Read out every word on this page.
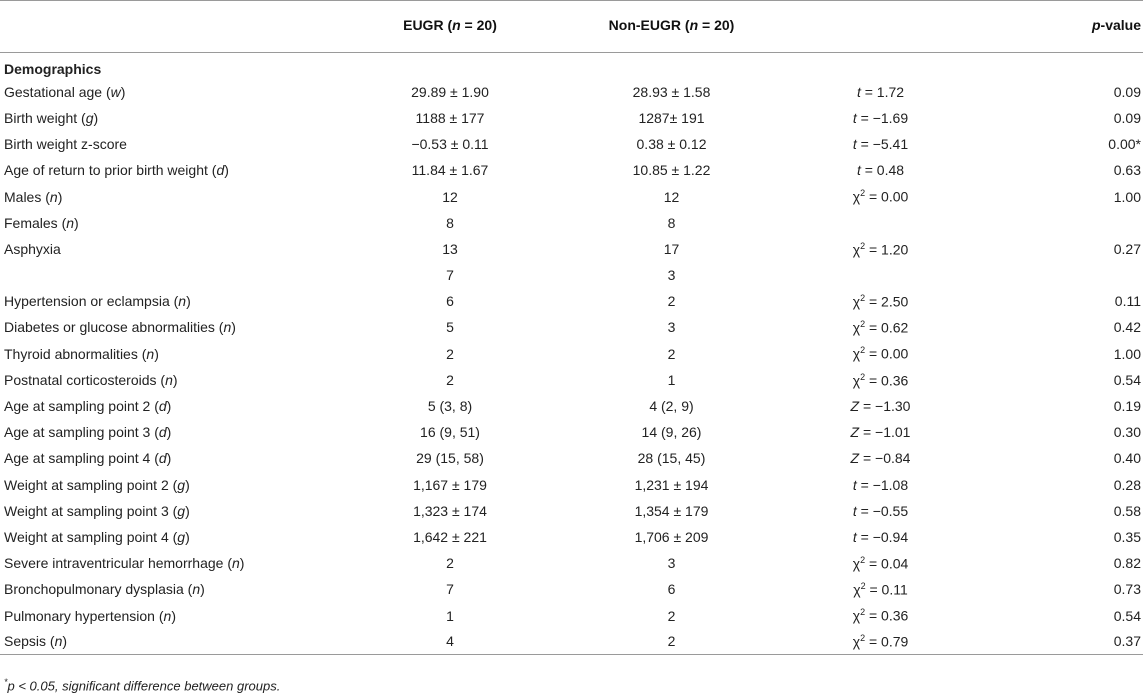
	EUGR (n = 20)	Non-EUGR (n = 20)		p-value
Demographics				
Gestational age (w)	29.89 ± 1.90	28.93 ± 1.58	t = 1.72	0.09
Birth weight (g)	1188 ± 177	1287± 191	t = −1.69	0.09
Birth weight z-score	−0.53 ± 0.11	0.38 ± 0.12	t = −5.41	0.00*
Age of return to prior birth weight (d)	11.84 ± 1.67	10.85 ± 1.22	t = 0.48	0.63
Males (n)	12	12	$\chi^2 = 0.00$	1.00
Females (n)	8	8		
Asphyxia	13	17	$\chi^2 = 1.20$	0.27
	7	3		
Hypertension or eclampsia (n)	6	2	$\chi^2 = 2.50$	0.11
Diabetes or glucose abnormalities (n)	5	3	$\chi^2 = 0.62$	0.42
Thyroid abnormalities (n)	2	2	$\chi^2 = 0.00$	1.00
Postnatal corticosteroids (n)	2	1	$\chi^2 = 0.36$	0.54
Age at sampling point 2 (d)	5 (3, 8)	4 (2, 9)	Z = −1.30	0.19
Age at sampling point 3 (d)	16 (9, 51)	14 (9, 26)	Z = −1.01	0.30
Age at sampling point 4 (d)	29 (15, 58)	28 (15, 45)	Z = −0.84	0.40
Weight at sampling point 2 (g)	1,167 ± 179	1,231 ± 194	t = −1.08	0.28
Weight at sampling point 3 (g)	1,323 ± 174	1,354 ± 179	t = −0.55	0.58
Weight at sampling point 4 (g)	1,642 ± 221	1,706 ± 209	t = −0.94	0.35
Severe intraventricular hemorrhage (n)	2	3	$\chi^2 = 0.04$	0.82
Bronchopulmonary dysplasia (n)	7	6	$\chi^2 = 0.11$	0.73
Pulmonary hypertension (n)	1	2	$\chi^2 = 0.36$	0.54
Sepsis (n)	4	2	$\chi^2 = 0.79$	0.37
*p < 0.05, significant difference between groups.
